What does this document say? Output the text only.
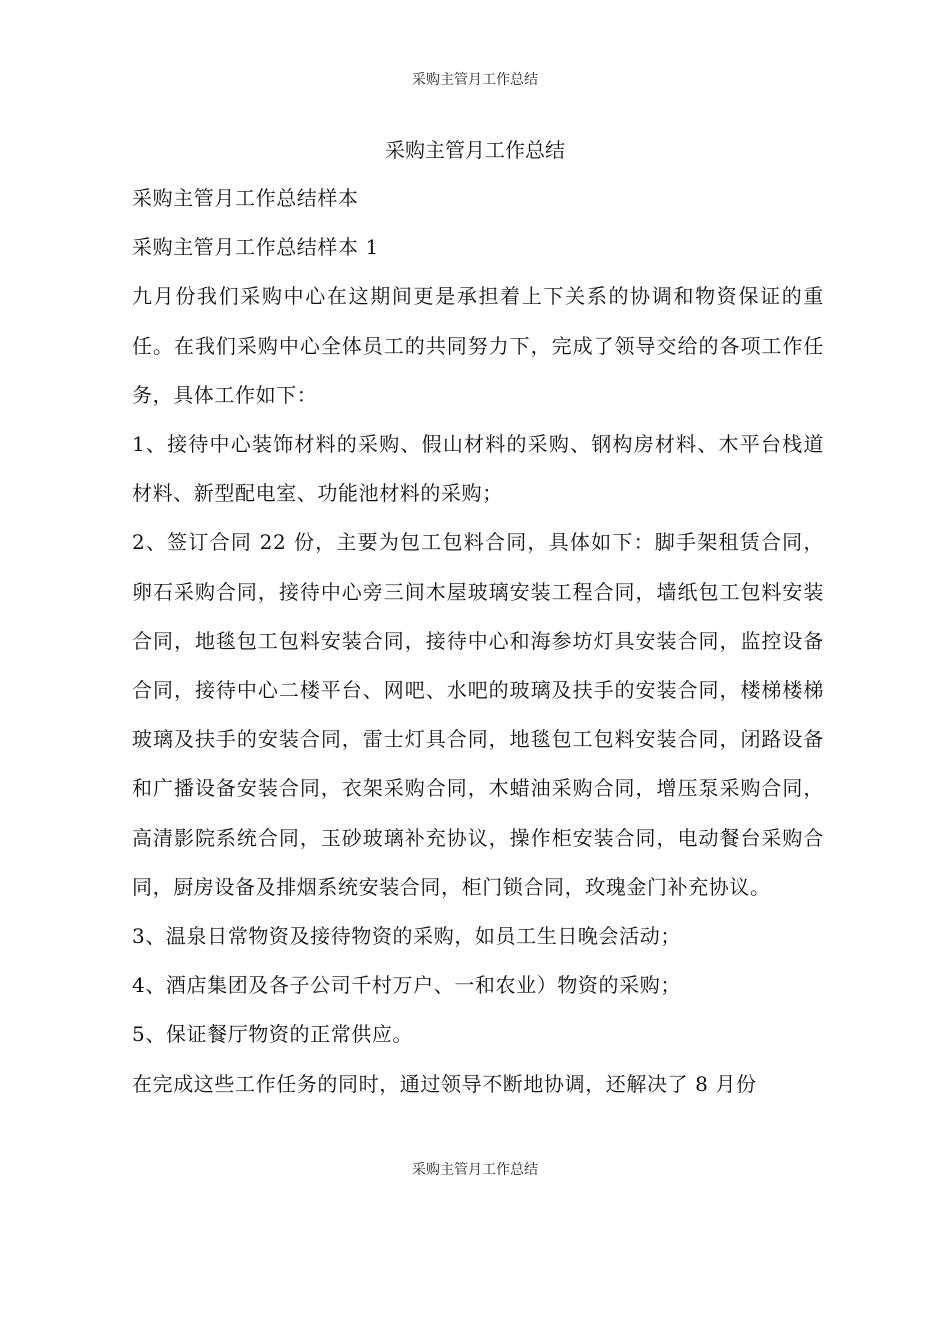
采购主管月工作总结
采购主管月工作总结

采购主管月工作总结样本

采购主管月工作总结样本 1

九月份我们采购中心在这期间更是承担着上下关系的协调和物资保证的重任。在我们采购中心全体员工的共同努力下，完成了领导交给的各项工作任务，具体工作如下：

1、接待中心装饰材料的采购、假山材料的采购、钢构房材料、木平台栈道材料、新型配电室、功能池材料的采购；

2、签订合同 22 份，主要为包工包料合同，具体如下：脚手架租赁合同，卵石采购合同，接待中心旁三间木屋玻璃安装工程合同，墙纸包工包料安装合同，地毯包工包料安装合同，接待中心和海参坊灯具安装合同，监控设备合同，接待中心二楼平台、网吧、水吧的玻璃及扶手的安装合同，楼梯楼梯玻璃及扶手的安装合同，雷士灯具合同，地毯包工包料安装合同，闭路设备和广播设备安装合同，衣架采购合同，木蜡油采购合同，增压泵采购合同，高清影院系统合同，玉砂玻璃补充协议，操作柜安装合同，电动餐台采购合同，厨房设备及排烟系统安装合同，柜门锁合同，玫瑰金门补充协议。

3、温泉日常物资及接待物资的采购，如员工生日晚会活动；

4、酒店集团及各子公司千村万户、一和农业）物资的采购；

5、保证餐厅物资的正常供应。

在完成这些工作任务的同时，通过领导不断地协调，还解决了 8 月份

采购主管月工作总结
